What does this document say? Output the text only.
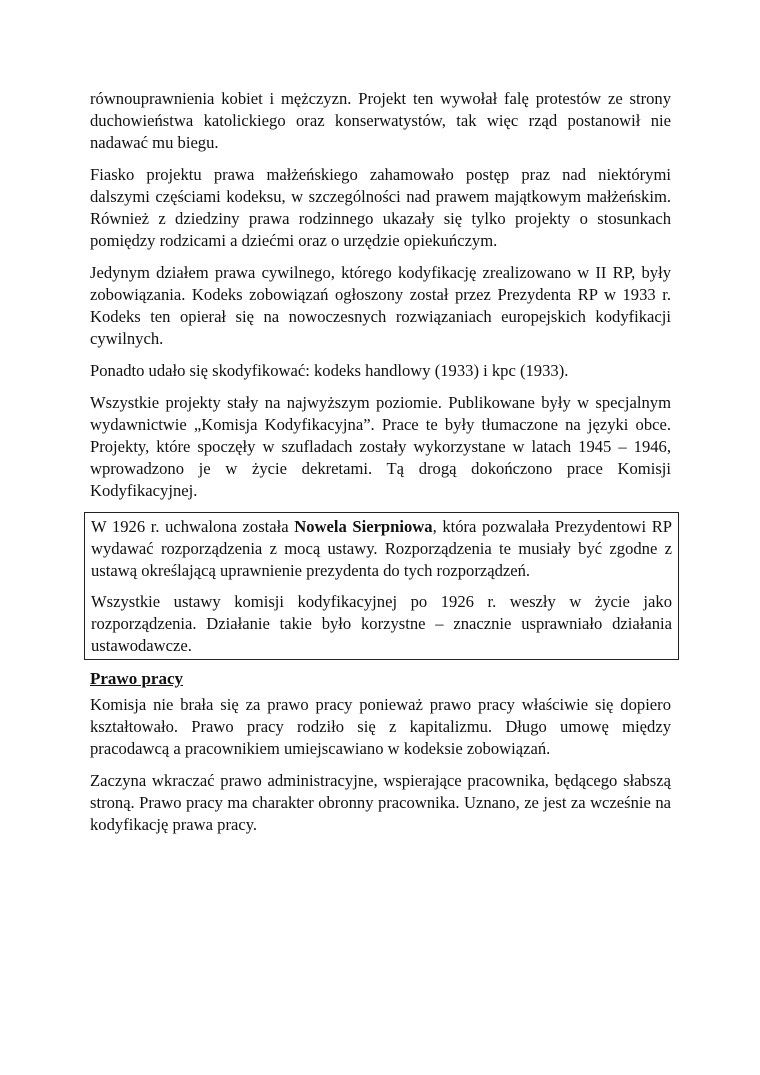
równouprawnienia kobiet i mężczyzn. Projekt ten wywołał falę protestów ze strony duchowieństwa katolickiego oraz konserwatystów, tak więc rząd postanowił nie nadawać mu biegu.

Fiasko projektu prawa małżeńskiego zahamowało postęp praz nad niektórymi dalszymi częściami kodeksu, w szczególności nad prawem majątkowym małżeńskim. Również z dziedziny prawa rodzinnego ukazały się tylko projekty o stosunkach pomiędzy rodzicami a dziećmi oraz o urzędzie opiekuńczym.

Jedynym działem prawa cywilnego, którego kodyfikację zrealizowano w II RP, były zobowiązania. Kodeks zobowiązań ogłoszony został przez Prezydenta RP w 1933 r. Kodeks ten opierał się na nowoczesnych rozwiązaniach europejskich kodyfikacji cywilnych.

Ponadto udało się skodyfikować: kodeks handlowy (1933) i kpc (1933).

Wszystkie projekty stały na najwyższym poziomie. Publikowane były w specjalnym wydawnictwie „Komisja Kodyfikacyjna”. Prace te były tłumaczone na języki obce. Projekty, które spoczęły w szufladach zostały wykorzystane w latach 1945 – 1946, wprowadzono je w życie dekretami. Tą drogą dokończono prace Komisji Kodyfikacyjnej.

W 1926 r. uchwalona została Nowela Sierpniowa, która pozwalała Prezydentowi RP wydawać rozporządzenia z mocą ustawy. Rozporządzenia te musiały być zgodne z ustawą określającą uprawnienie prezydenta do tych rozporządzeń.

Wszystkie ustawy komisji kodyfikacyjnej po 1926 r. weszły w życie jako rozporządzenia. Działanie takie było korzystne – znacznie usprawniało działania ustawodawcze.

Prawo pracy

Komisja nie brała się za prawo pracy ponieważ prawo pracy właściwie się dopiero kształtowało. Prawo pracy rodziło się z kapitalizmu. Długo umowę między pracodawcą a pracownikiem umiejscawiano w kodeksie zobowiązań.

Zaczyna wkraczać prawo administracyjne, wspierające pracownika, będącego słabszą stroną. Prawo pracy ma charakter obronny pracownika. Uznano, ze jest za wcześnie na kodyfikację prawa pracy.
